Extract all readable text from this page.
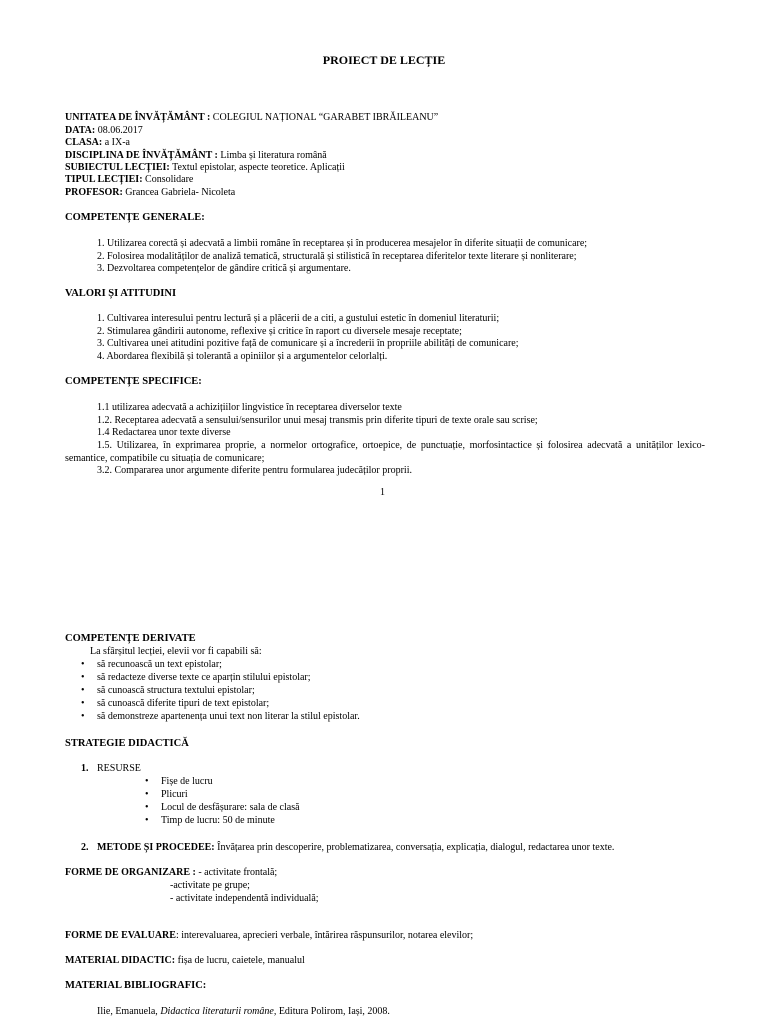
PROIECT DE LECȚIE
UNITATEA DE ÎNVĂȚĂMÂNT : COLEGIUL NAȚIONAL “GARABET IBRĂILEANU”
DATA: 08.06.2017
CLASA: a IX-a
DISCIPLINA DE ÎNVĂȚĂMÂNT : Limba și literatura română
SUBIECTUL LECȚIEI: Textul epistolar, aspecte teoretice. Aplicații
TIPUL LECȚIEI: Consolidare
PROFESOR: Grancea Gabriela- Nicoleta
COMPETENȚE GENERALE:
1. Utilizarea corectă și adecvată a limbii române în receptarea și în producerea mesajelor în diferite situații de comunicare;
2. Folosirea modalităților de analiză tematică, structurală și stilistică în receptarea diferitelor texte literare și nonliterare;
3. Dezvoltarea competențelor de gândire critică și argumentare.
VALORI ȘI ATITUDINI
1. Cultivarea interesului pentru lectură și a plăcerii de a citi, a gustului estetic în domeniul literaturii;
2. Stimularea gândirii autonome, reflexive și critice în raport cu diversele mesaje receptate;
3. Cultivarea unei atitudini pozitive față de comunicare și a încrederii în propriile abilități de comunicare;
4. Abordarea flexibilă și tolerantă a opiniilor și a argumentelor celorlalți.
COMPETENȚE SPECIFICE:
1.1 utilizarea adecvată a achizițiilor lingvistice în receptarea diverselor texte
1.2. Receptarea adecvată a sensului/sensurilor unui mesaj transmis prin diferite tipuri de texte orale sau scrise;
1.4 Redactarea unor texte diverse
1.5. Utilizarea, în exprimarea proprie, a normelor ortografice, ortoepice, de punctuație, morfosintactice și folosirea adecvată a unităților lexico-semantice, compatibile cu situația de comunicare;
3.2. Compararea unor argumente diferite pentru formularea judecăților proprii.
1
COMPETENȚE DERIVATE
La sfârșitul lecției, elevii vor fi capabili să:
• să recunoască un text epistolar;
• să redacteze diverse texte ce aparțin stilului epistolar;
• să cunoască structura textului epistolar;
• să cunoască diferite tipuri de text epistolar;
• să demonstreze apartenența unui text non literar la stilul epistolar.
STRATEGIE DIDACTICĂ
1. RESURSE
• Fișe de lucru
• Plicuri
• Locul de desfășurare: sala de clasă
• Timp de lucru: 50 de minute
2. METODE ȘI PROCEDEE: Învățarea prin descoperire, problematizarea, conversația, explicația, dialogul, redactarea unor texte.
FORME DE ORGANIZARE : - activitate frontală;
-activitate pe grupe;
- activitate independentă individuală;
FORME DE EVALUARE: interevaluarea, aprecieri verbale, întărirea răspunsurilor, notarea elevilor;
MATERIAL DIDACTIC: fișa de lucru, caietele, manualul
MATERIAL BIBLIOGRAFIC:
Ilie, Emanuela, Didactica literaturii române, Editura Polirom, Iași, 2008.
